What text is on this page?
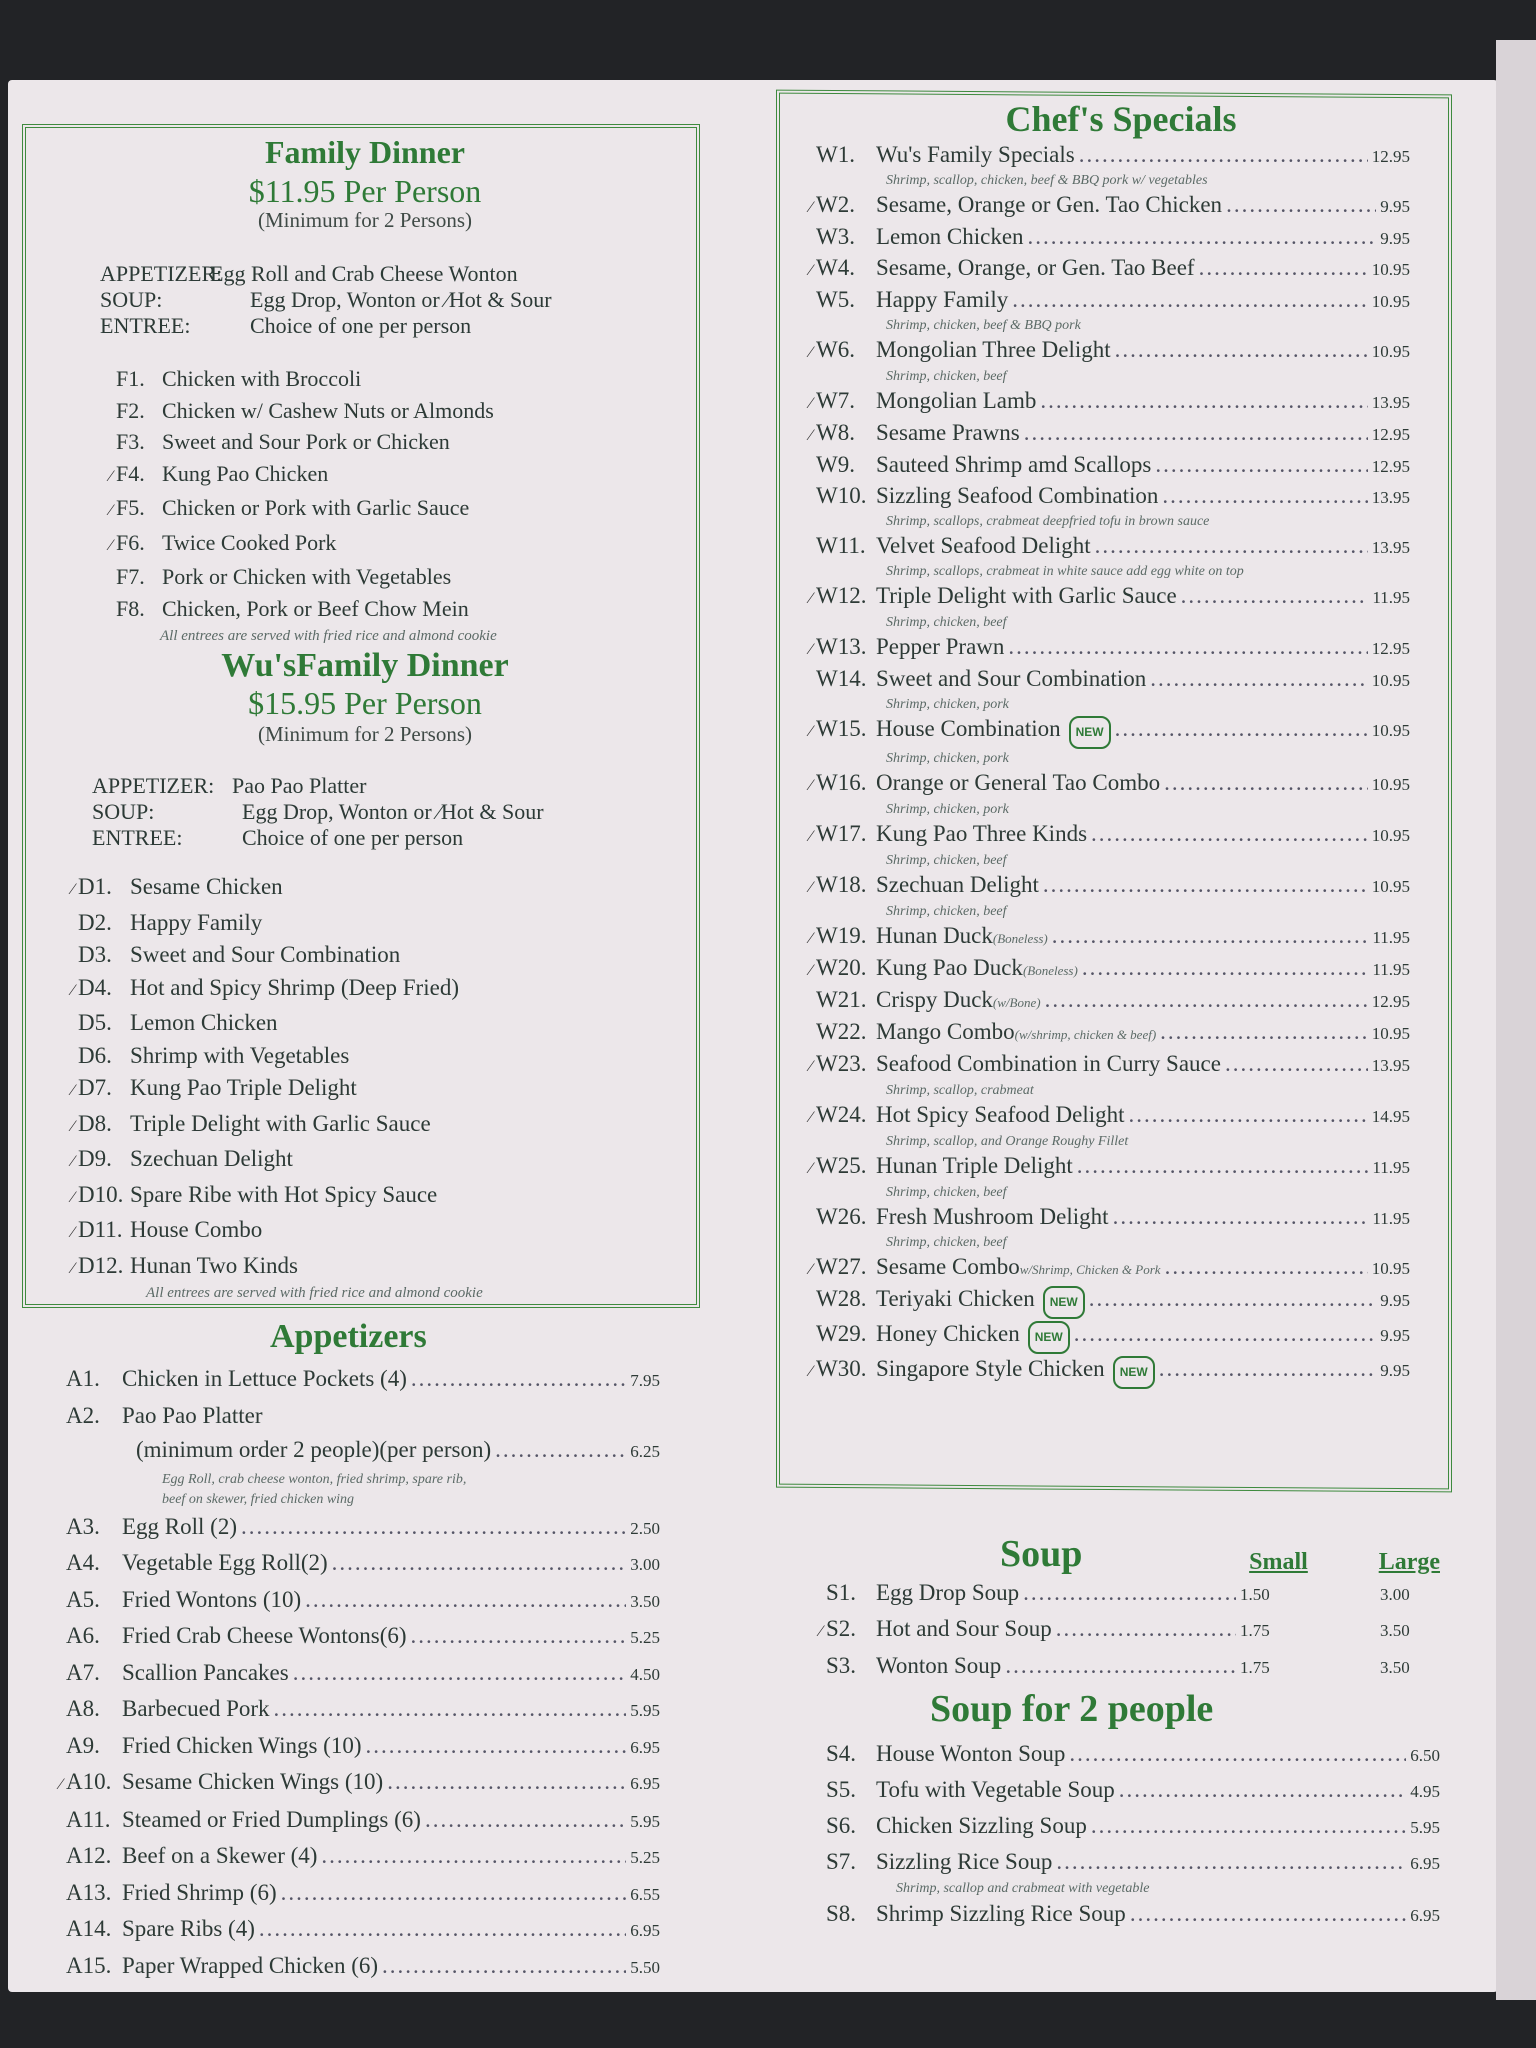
Family Dinner
$11.95 Per Person
(Minimum for 2 Persons)
APPETIZER:
Egg Roll and Crab Cheese Wonton
SOUP:	Egg Drop, Wonton or
∕ Hot & Sour
ENTREE:	Choice of one per person
F1. Chicken with Broccoli
F2. Chicken w/ Cashew Nuts or Almonds
F3. Sweet and Sour Pork or Chicken
∕ F4. Kung Pao Chicken
∕ F5. Chicken or Pork with Garlic Sauce
∕ F6. Twice Cooked Pork
F7. Pork or Chicken with Vegetables
F8. Chicken, Pork or Beef Chow Mein
All entrees are served with fried rice and almond cookie
Wu'sFamily Dinner
$15.95 Per Person
(Minimum for 2 Persons)
APPETIZER: Pao Pao Platter
SOUP:	Egg Drop, Wonton or
∕ Hot & Sour
ENTREE:	Choice of one per person
∕ D1. Sesame Chicken
D2. Happy Family
D3. Sweet and Sour Combination
∕ D4. Hot and Spicy Shrimp (Deep Fried)
D5. Lemon Chicken
D6. Shrimp with Vegetables
∕ D7. Kung Pao Triple Delight
∕ D8. Triple Delight with Garlic Sauce
∕ D9. Szechuan Delight
∕ D10. Spare Ribe with Hot Spicy Sauce
∕ D11. House Combo
∕ D12. Hunan Two Kinds
All entrees are served with fried rice and almond cookie
Appetizers
A1. Chicken in Lettuce Pockets (4) .....	7.95
A2. Pao Pao Platter
(minimum order 2 people)(per person) .....	6.25
Egg Roll, crab cheese wonton, fried shrimp, spare rib,
beef on skewer, fried chicken wing
A3. Egg Roll (2) .....	2.50
A4. Vegetable Egg Roll(2) .....	3.00
A5. Fried Wontons (10) .....	3.50
A6. Fried Crab Cheese Wontons(6) .....	5.25
A7. Scallion Pancakes .....	4.50
A8. Barbecued Pork .....	5.95
A9. Fried Chicken Wings (10) .....	6.95
∕ A10. Sesame Chicken Wings (10) .....	6.95
A11. Steamed or Fried Dumplings (6) .....	5.95
A12. Beef on a Skewer (4) .....	5.25
A13. Fried Shrimp (6) .....	6.55
A14. Spare Ribs (4) .....	6.95
A15. Paper Wrapped Chicken (6) .....	5.50
Chef's Specials
W1. Wu's Family Specials .....	12.95
Shrimp, scallop, chicken, beef & BBQ pork w/ vegetables
∕ W2. Sesame, Orange or Gen. Tao Chicken .....	9.95
W3. Lemon Chicken .....	9.95
∕ W4. Sesame, Orange, or Gen. Tao Beef .....	10.95
W5. Happy Family .....	10.95
Shrimp, chicken, beef & BBQ pork
∕ W6. Mongolian Three Delight .....	10.95
Shrimp, chicken, beef
∕ W7. Mongolian Lamb .....	13.95
∕ W8. Sesame Prawns .....	12.95
W9. Sauteed Shrimp amd Scallops .....	12.95
W10. Sizzling Seafood Combination .....	13.95
Shrimp, scallops, crabmeat deepfried tofu in brown sauce
W11. Velvet Seafood Delight .....	13.95
Shrimp, scallops, crabmeat in white sauce add egg white on top
∕ W12. Triple Delight with Garlic Sauce .....	11.95
Shrimp, chicken, beef
∕ W13. Pepper Prawn .....	12.95
W14. Sweet and Sour Combination .....	10.95
Shrimp, chicken, pork
∕ W15. House Combination	NEW .....	10.95
Shrimp, chicken, pork
∕ W16. Orange or General Tao Combo .....	10.95
Shrimp, chicken, pork
∕ W17. Kung Pao Three Kinds .....	10.95
Shrimp, chicken, beef
∕ W18. Szechuan Delight .....	10.95
Shrimp, chicken, beef
∕ W19. Hunan Duck (Boneless) .....	11.95
∕ W20. Kung Pao Duck (Boneless) .....	11.95
W21. Crispy Duck (w/Bone) .....	12.95
W22. Mango Combo (w/shrimp, chicken & beef) .....	10.95
∕ W23. Seafood Combination in Curry Sauce .....	13.95
Shrimp, scallop, crabmeat
∕ W24. Hot Spicy Seafood Delight .....	14.95
Shrimp, scallop, and Orange Roughy Fillet
∕ W25. Hunan Triple Delight .....	11.95
Shrimp, chicken, beef
W26. Fresh Mushroom Delight .....	11.95
Shrimp, chicken, beef
∕ W27. Sesame Combo w/Shrimp, Chicken & Pork .....	10.95
W28. Teriyaki Chicken	NEW .....	9.95
W29. Honey Chicken	NEW .....	9.95
∕ W30. Singapore Style Chicken	NEW .....	9.95
Soup	Small	Large
S1. Egg Drop Soup .....	1.50	3.00
∕ S2. Hot and Sour Soup .....	1.75	3.50
S3. Wonton Soup .....	1.75	3.50
Soup for 2 people
S4. House Wonton Soup .....	6.50
S5. Tofu with Vegetable Soup .....	4.95
S6. Chicken Sizzling Soup .....	5.95
S7. Sizzling Rice Soup .....	6.95
Shrimp, scallop and crabmeat with vegetable
S8. Shrimp Sizzling Rice Soup .....	6.95
